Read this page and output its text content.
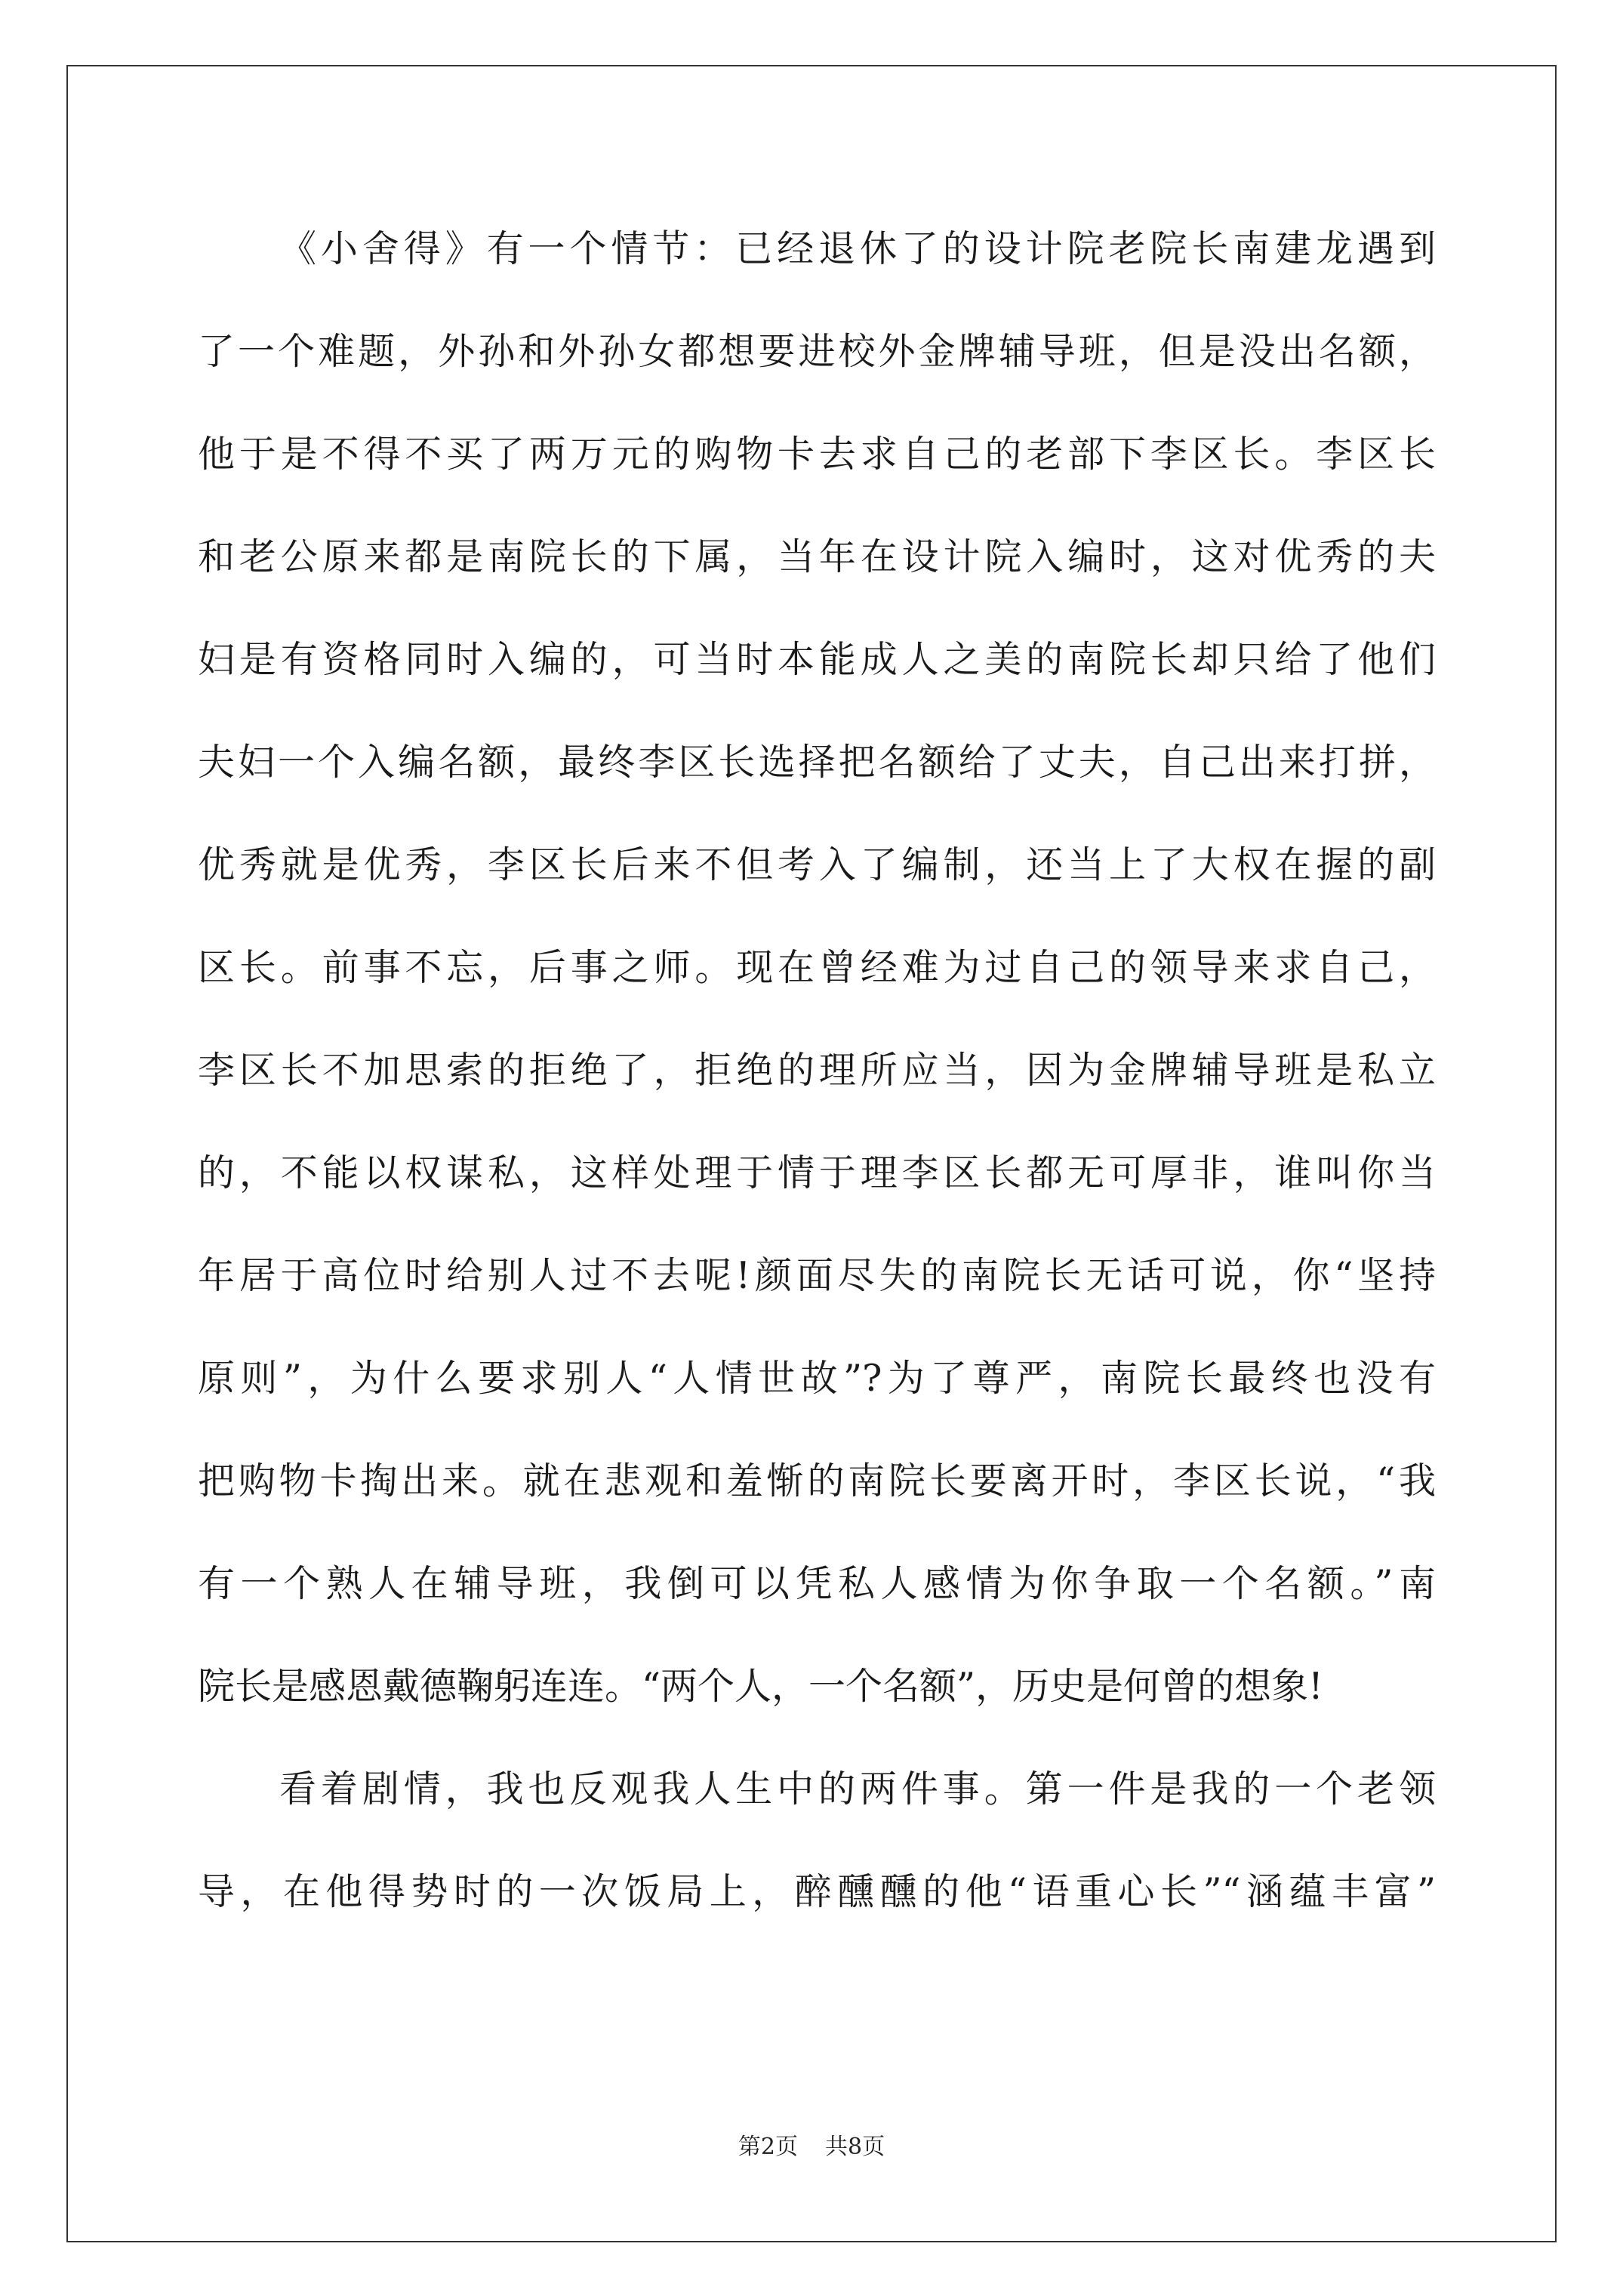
《小舍得》有一个情节：已经退休了的设计院老院长南建龙遇到
了一个难题，外孙和外孙女都想要进校外金牌辅导班，但是没出名额，
他于是不得不买了两万元的购物卡去求自己的老部下李区长。李区长
和老公原来都是南院长的下属，当年在设计院入编时，这对优秀的夫
妇是有资格同时入编的，可当时本能成人之美的南院长却只给了他们
夫妇一个入编名额，最终李区长选择把名额给了丈夫，自己出来打拼，
优秀就是优秀，李区长后来不但考入了编制，还当上了大权在握的副
区长。前事不忘，后事之师。现在曾经难为过自己的领导来求自己，
李区长不加思索的拒绝了，拒绝的理所应当，因为金牌辅导班是私立
的，不能以权谋私，这样处理于情于理李区长都无可厚非，谁叫你当
年居于高位时给别人过不去呢!颜面尽失的南院长无话可说，你“坚持
原则”，为什么要求别人“人情世故”?为了尊严，南院长最终也没有
把购物卡掏出来。就在悲观和羞惭的南院长要离开时，李区长说，“我
有一个熟人在辅导班，我倒可以凭私人感情为你争取一个名额。”南
院长是感恩戴德鞠躬连连。“两个人，一个名额”，历史是何曾的想象!
看着剧情，我也反观我人生中的两件事。第一件是我的一个老领
导，在他得势时的一次饭局上，醉醺醺的他“语重心长”“涵蕴丰富”
第2页 共8页
